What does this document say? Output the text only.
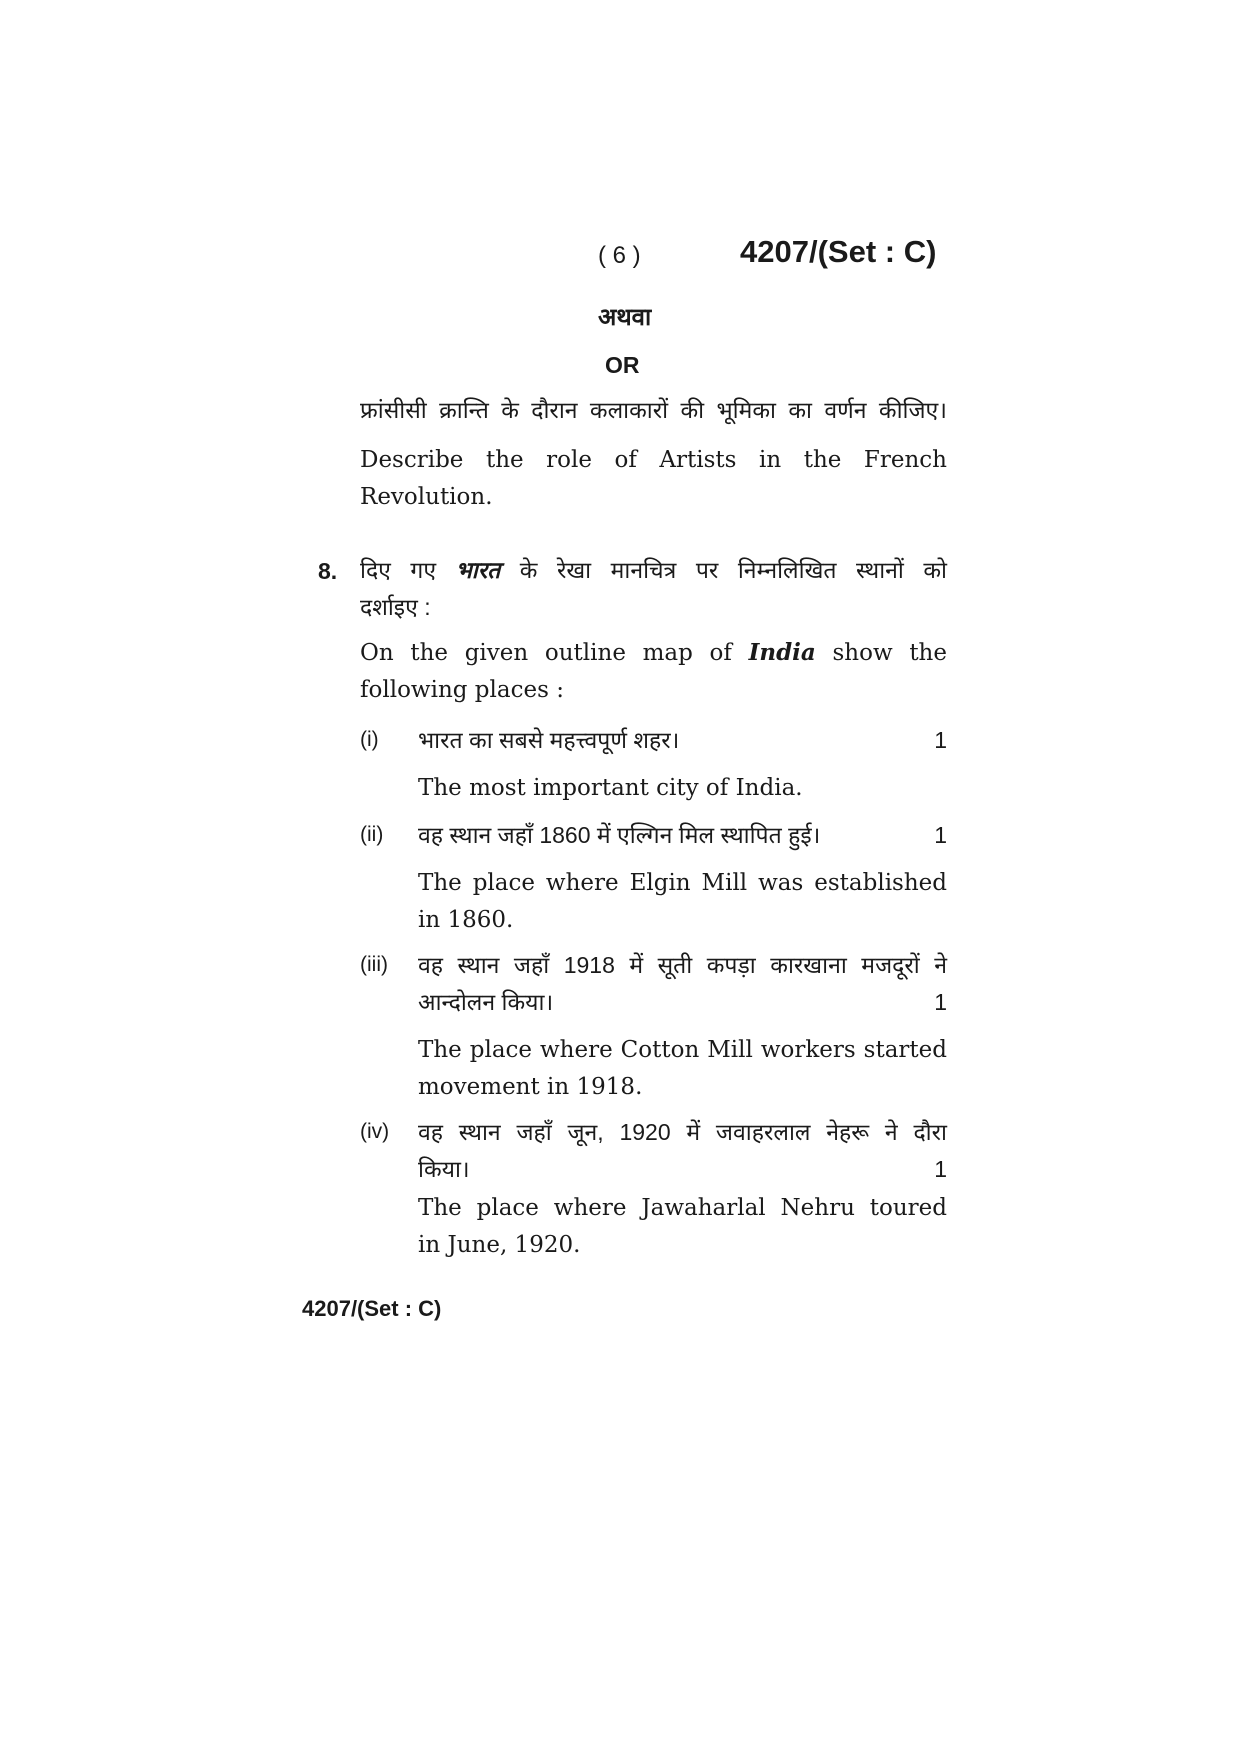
( 6 )	4207/(Set : C)
अथवा
OR
फ्रांसीसी क्रान्ति के दौरान कलाकारों की भूमिका का वर्णन कीजिए।
Describe the role of Artists in the French
Revolution.
8. दिए गए भारत के रेखा मानचित्र पर निम्नलिखित स्थानों को
दर्शाइए :
On the given outline map of India show the
following places :
(i) भारत का सबसे महत्त्वपूर्ण शहर।	1
The most important city of India.
(ii) वह स्थान जहाँ 1860 में एल्गिन मिल स्थापित हुई।	1
The place where Elgin Mill was established
in 1860.
(iii) वह स्थान जहाँ 1918 में सूती कपड़ा कारखाना मजदूरों ने
आन्दोलन किया।	1
The place where Cotton Mill workers started
movement in 1918.
(iv) वह स्थान जहाँ जून, 1920 में जवाहरलाल नेहरू ने दौरा
किया।	1
The place where Jawaharlal Nehru toured
in June, 1920.
4207/(Set : C)
